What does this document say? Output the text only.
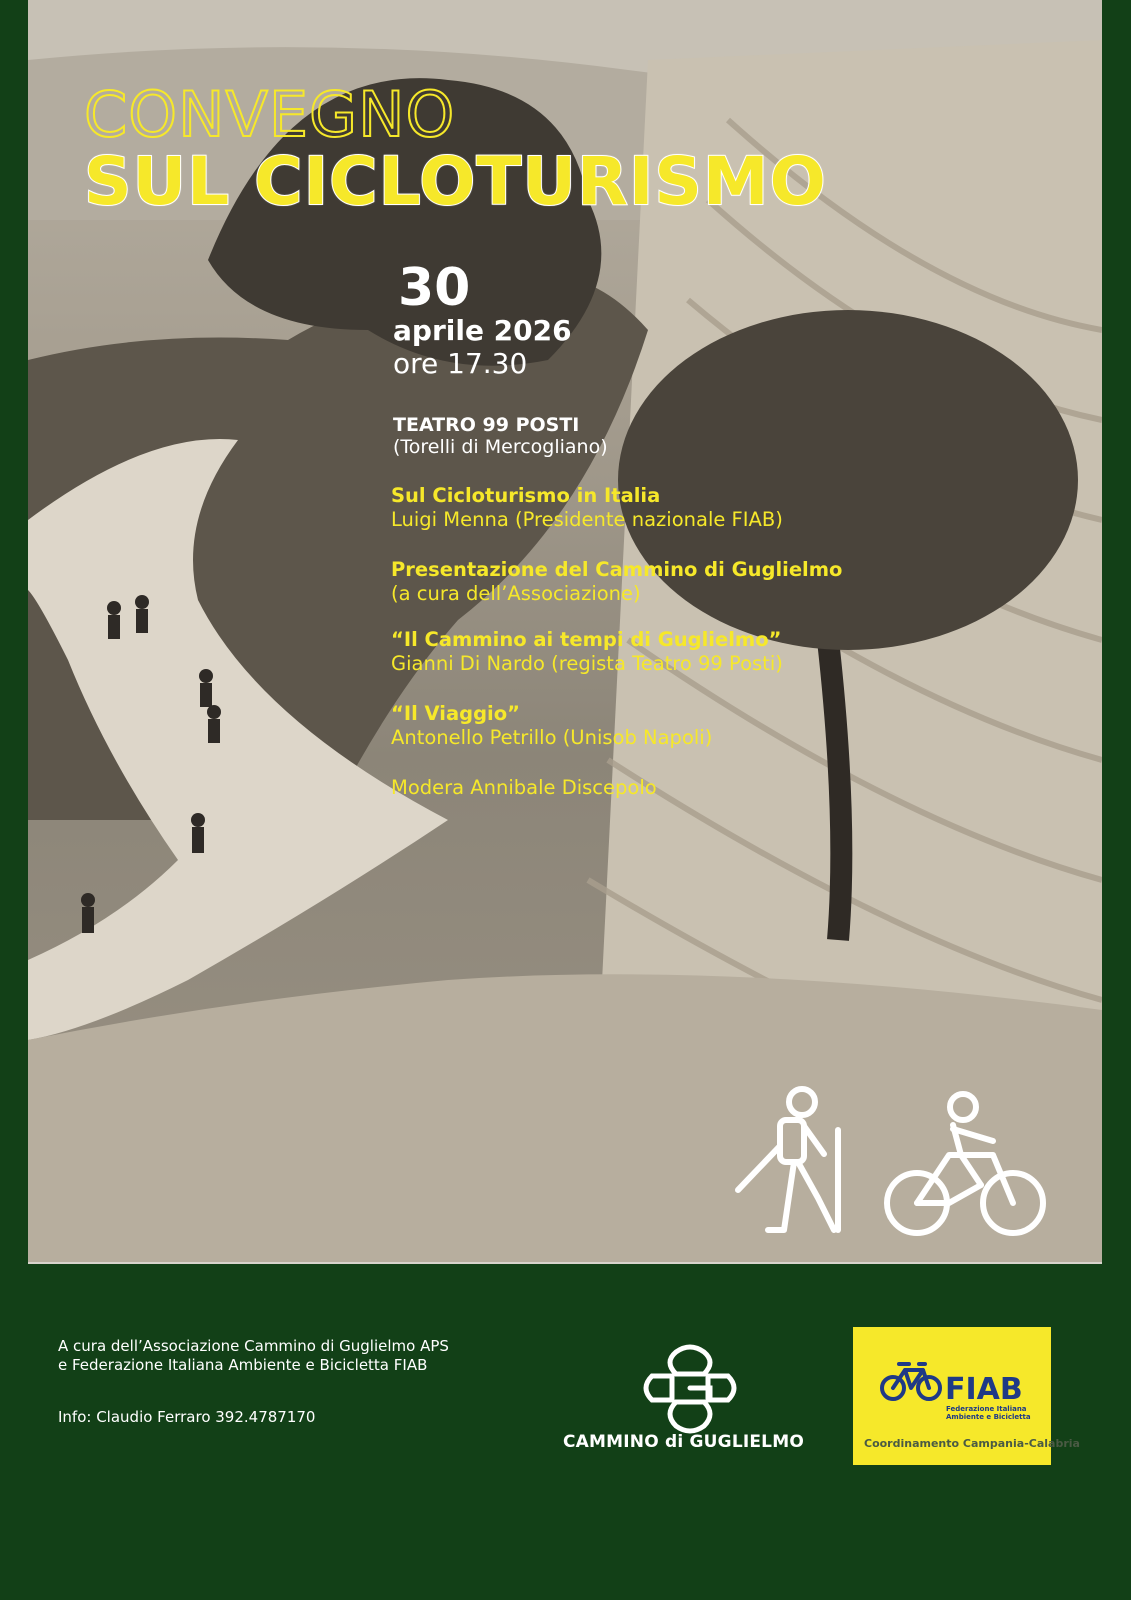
CONVEGNO
SUL CICLOTURISMO
30
aprile 2026
ore 17.30
TEATRO 99 POSTI
(Torelli di Mercogliano)
Sul Cicloturismo in Italia
Luigi Menna (Presidente nazionale FIAB)
Presentazione del Cammino di Guglielmo
(a cura dell’Associazione)
“Il Cammino ai tempi di Guglielmo”
Gianni Di Nardo (regista Teatro 99 Posti)
“Il Viaggio”
Antonello Petrillo (Unisob Napoli)
Modera Annibale Discepolo
A cura dell’Associazione Cammino di Guglielmo APS
e Federazione Italiana Ambiente e Bicicletta FIAB
Info: Claudio Ferraro 392.4787170
CAMMINO di GUGLIELMO
FIAB
Federazione Italiana
Ambiente e Bicicletta
Coordinamento Campania-Calabria
